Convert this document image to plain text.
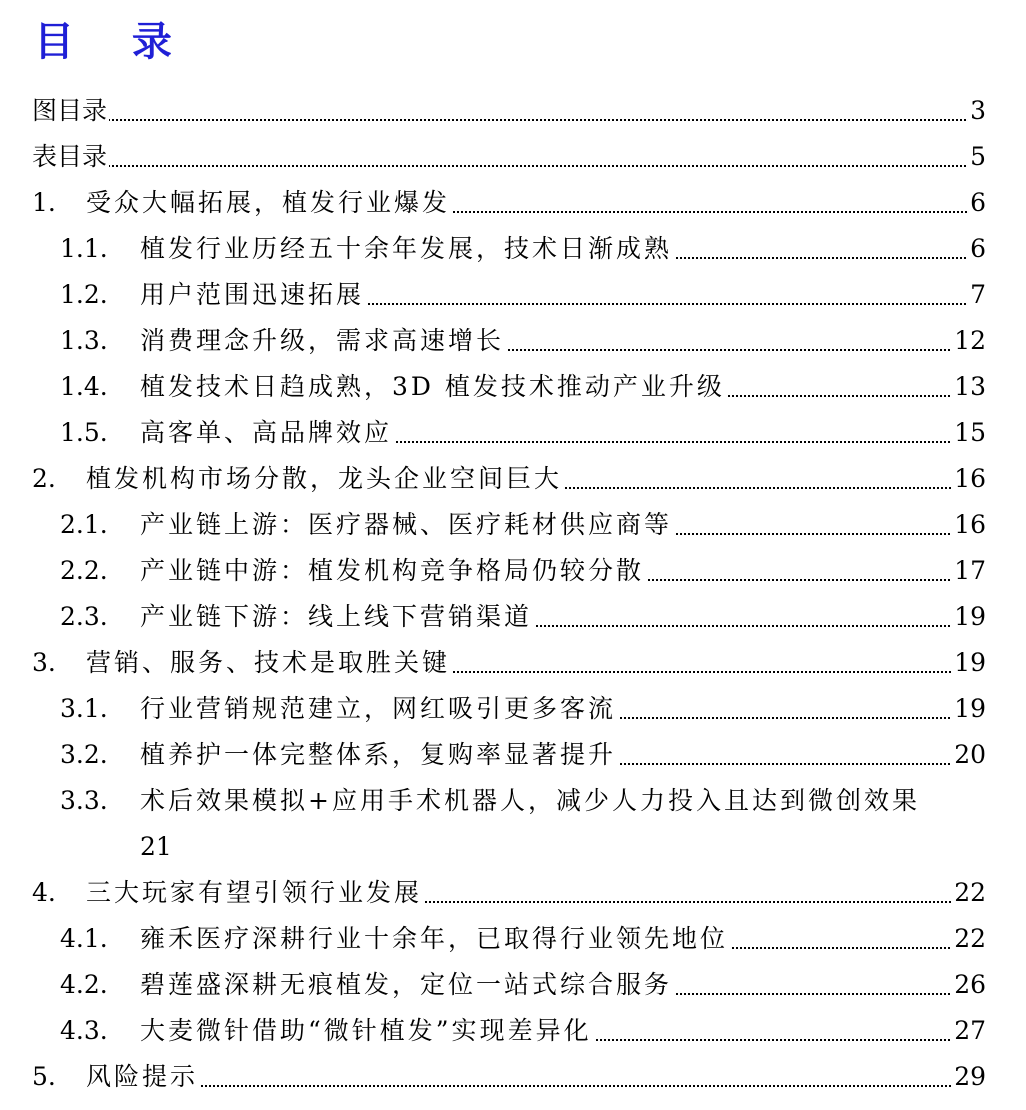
目 录
图目录	3
表目录	5
1. 受众大幅拓展，植发行业爆发	6
1.1. 植发行业历经五十余年发展，技术日渐成熟	6
1.2. 用户范围迅速拓展	7
1.3. 消费理念升级，需求高速增长	12
1.4. 植发技术日趋成熟，3D 植发技术推动产业升级	13
1.5. 高客单、高品牌效应	15
2. 植发机构市场分散，龙头企业空间巨大	16
2.1. 产业链上游：医疗器械、医疗耗材供应商等	16
2.2. 产业链中游：植发机构竞争格局仍较分散	17
2.3. 产业链下游：线上线下营销渠道	19
3. 营销、服务、技术是取胜关键	19
3.1. 行业营销规范建立，网红吸引更多客流	19
3.2. 植养护一体完整体系，复购率显著提升	20
3.3. 术后效果模拟+应用手术机器人，减少人力投入且达到微创效果
21
4. 三大玩家有望引领行业发展	22
4.1. 雍禾医疗深耕行业十余年，已取得行业领先地位	22
4.2. 碧莲盛深耕无痕植发，定位一站式综合服务	26
4.3. 大麦微针借助“微针植发”实现差异化	27
5. 风险提示	29
